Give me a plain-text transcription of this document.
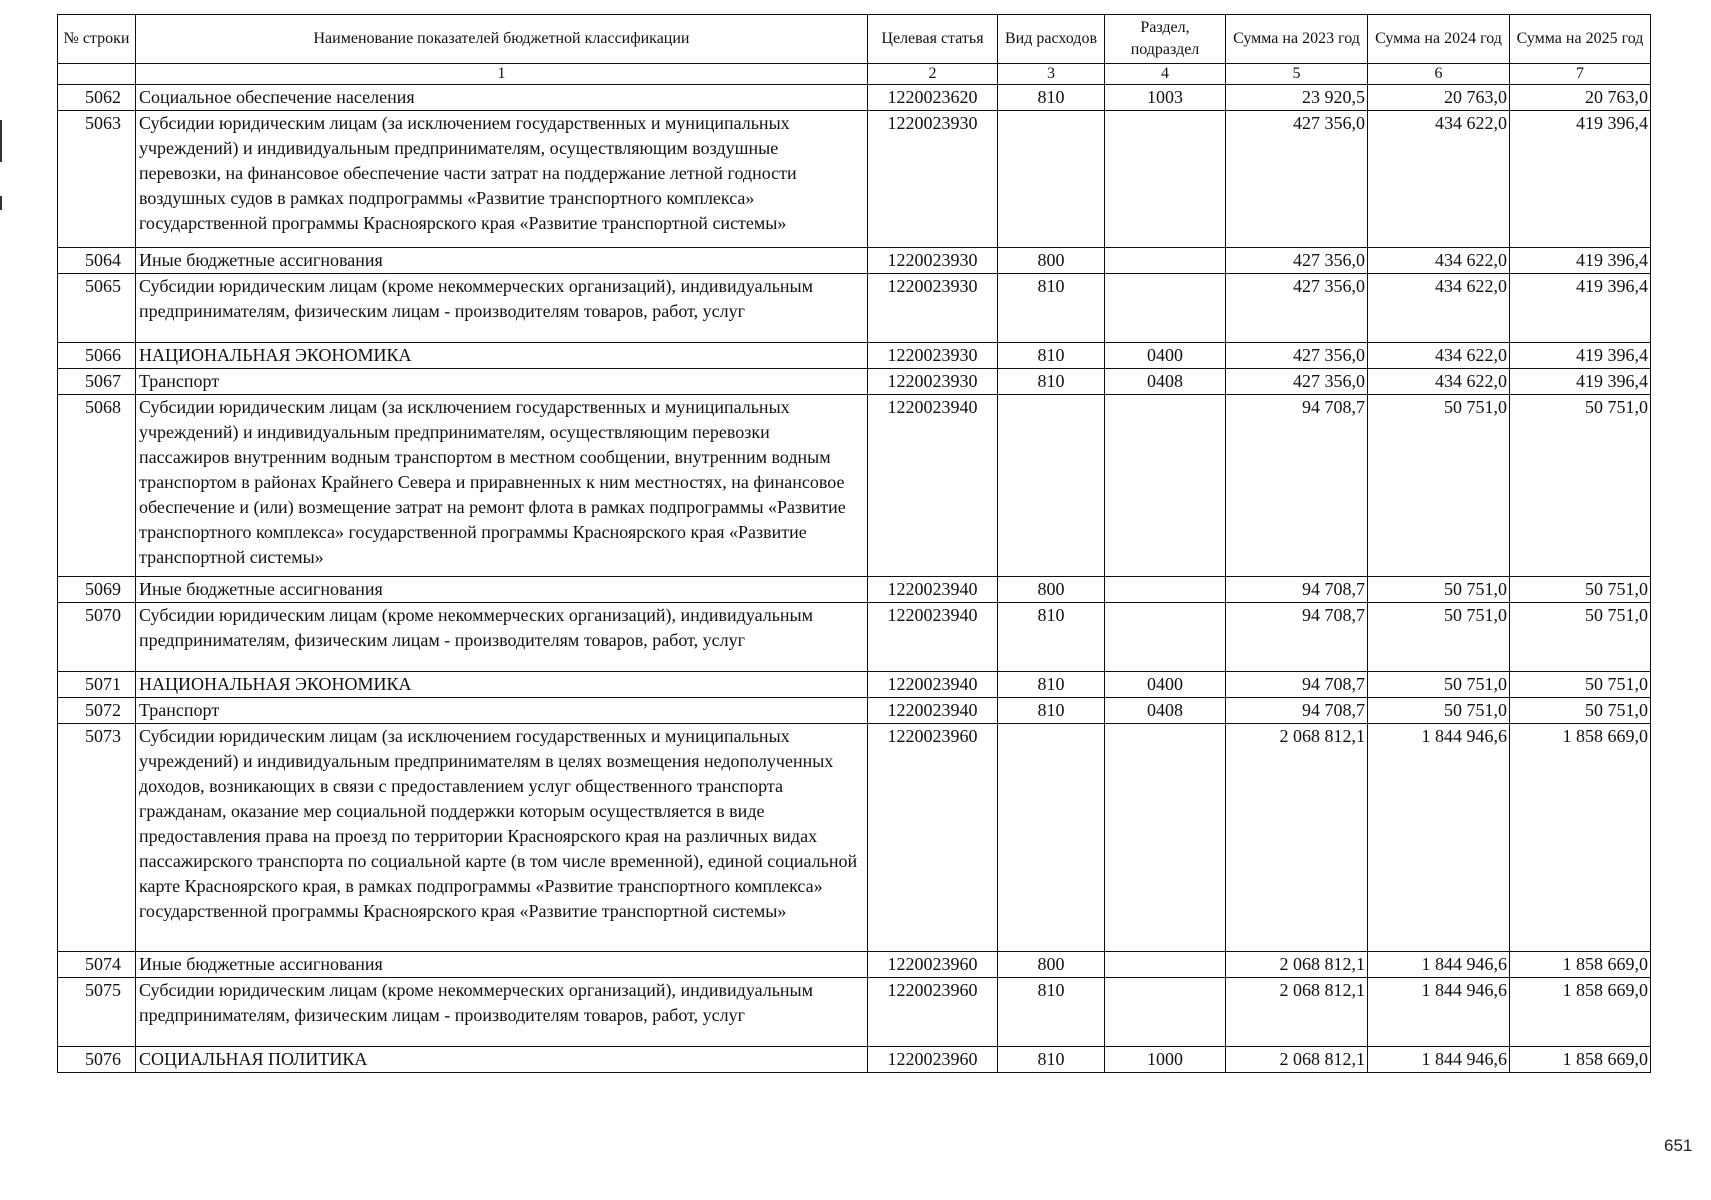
№ строки	Наименование показателей бюджетной классификации	Целевая статья	Вид расходов	Раздел, подраздел	Сумма на 2023 год	Сумма на 2024 год	Сумма на 2025 год
	1	2	3	4	5	6	7
5062	Социальное обеспечение населения	1220023620	810	1003	23 920,5	20 763,0	20 763,0
5063	Субсидии юридическим лицам (за исключением государственных и муниципальных учреждений) и индивидуальным предпринимателям, осуществляющим воздушные перевозки, на финансовое обеспечение части затрат на поддержание летной годности воздушных судов в рамках подпрограммы «Развитие транспортного комплекса» государственной программы Красноярского края «Развитие транспортной системы»	1220023930			427 356,0	434 622,0	419 396,4
5064	Иные бюджетные ассигнования	1220023930	800		427 356,0	434 622,0	419 396,4
5065	Субсидии юридическим лицам (кроме некоммерческих организаций), индивидуальным предпринимателям, физическим лицам - производителям товаров, работ, услуг	1220023930	810		427 356,0	434 622,0	419 396,4
5066	НАЦИОНАЛЬНАЯ ЭКОНОМИКА	1220023930	810	0400	427 356,0	434 622,0	419 396,4
5067	Транспорт	1220023930	810	0408	427 356,0	434 622,0	419 396,4
5068	Субсидии юридическим лицам (за исключением государственных и муниципальных учреждений) и индивидуальным предпринимателям, осуществляющим перевозки пассажиров внутренним водным транспортом в местном сообщении, внутренним водным транспортом в районах Крайнего Севера и приравненных к ним местностях, на финансовое обеспечение и (или) возмещение затрат на ремонт флота в рамках подпрограммы «Развитие транспортного комплекса» государственной программы Красноярского края «Развитие транспортной системы»	1220023940			94 708,7	50 751,0	50 751,0
5069	Иные бюджетные ассигнования	1220023940	800		94 708,7	50 751,0	50 751,0
5070	Субсидии юридическим лицам (кроме некоммерческих организаций), индивидуальным предпринимателям, физическим лицам - производителям товаров, работ, услуг	1220023940	810		94 708,7	50 751,0	50 751,0
5071	НАЦИОНАЛЬНАЯ ЭКОНОМИКА	1220023940	810	0400	94 708,7	50 751,0	50 751,0
5072	Транспорт	1220023940	810	0408	94 708,7	50 751,0	50 751,0
5073	Субсидии юридическим лицам (за исключением государственных и муниципальных учреждений) и индивидуальным предпринимателям в целях возмещения недополученных доходов, возникающих в связи с предоставлением услуг общественного транспорта гражданам, оказание мер социальной поддержки которым осуществляется в виде предоставления права на проезд по территории Красноярского края на различных видах пассажирского транспорта по социальной карте (в том числе временной), единой социальной карте Красноярского края, в рамках подпрограммы «Развитие транспортного комплекса» государственной программы Красноярского края «Развитие транспортной системы»	1220023960			2 068 812,1	1 844 946,6	1 858 669,0
5074	Иные бюджетные ассигнования	1220023960	800		2 068 812,1	1 844 946,6	1 858 669,0
5075	Субсидии юридическим лицам (кроме некоммерческих организаций), индивидуальным предпринимателям, физическим лицам - производителям товаров, работ, услуг	1220023960	810		2 068 812,1	1 844 946,6	1 858 669,0
5076	СОЦИАЛЬНАЯ ПОЛИТИКА	1220023960	810	1000	2 068 812,1	1 844 946,6	1 858 669,0
651
